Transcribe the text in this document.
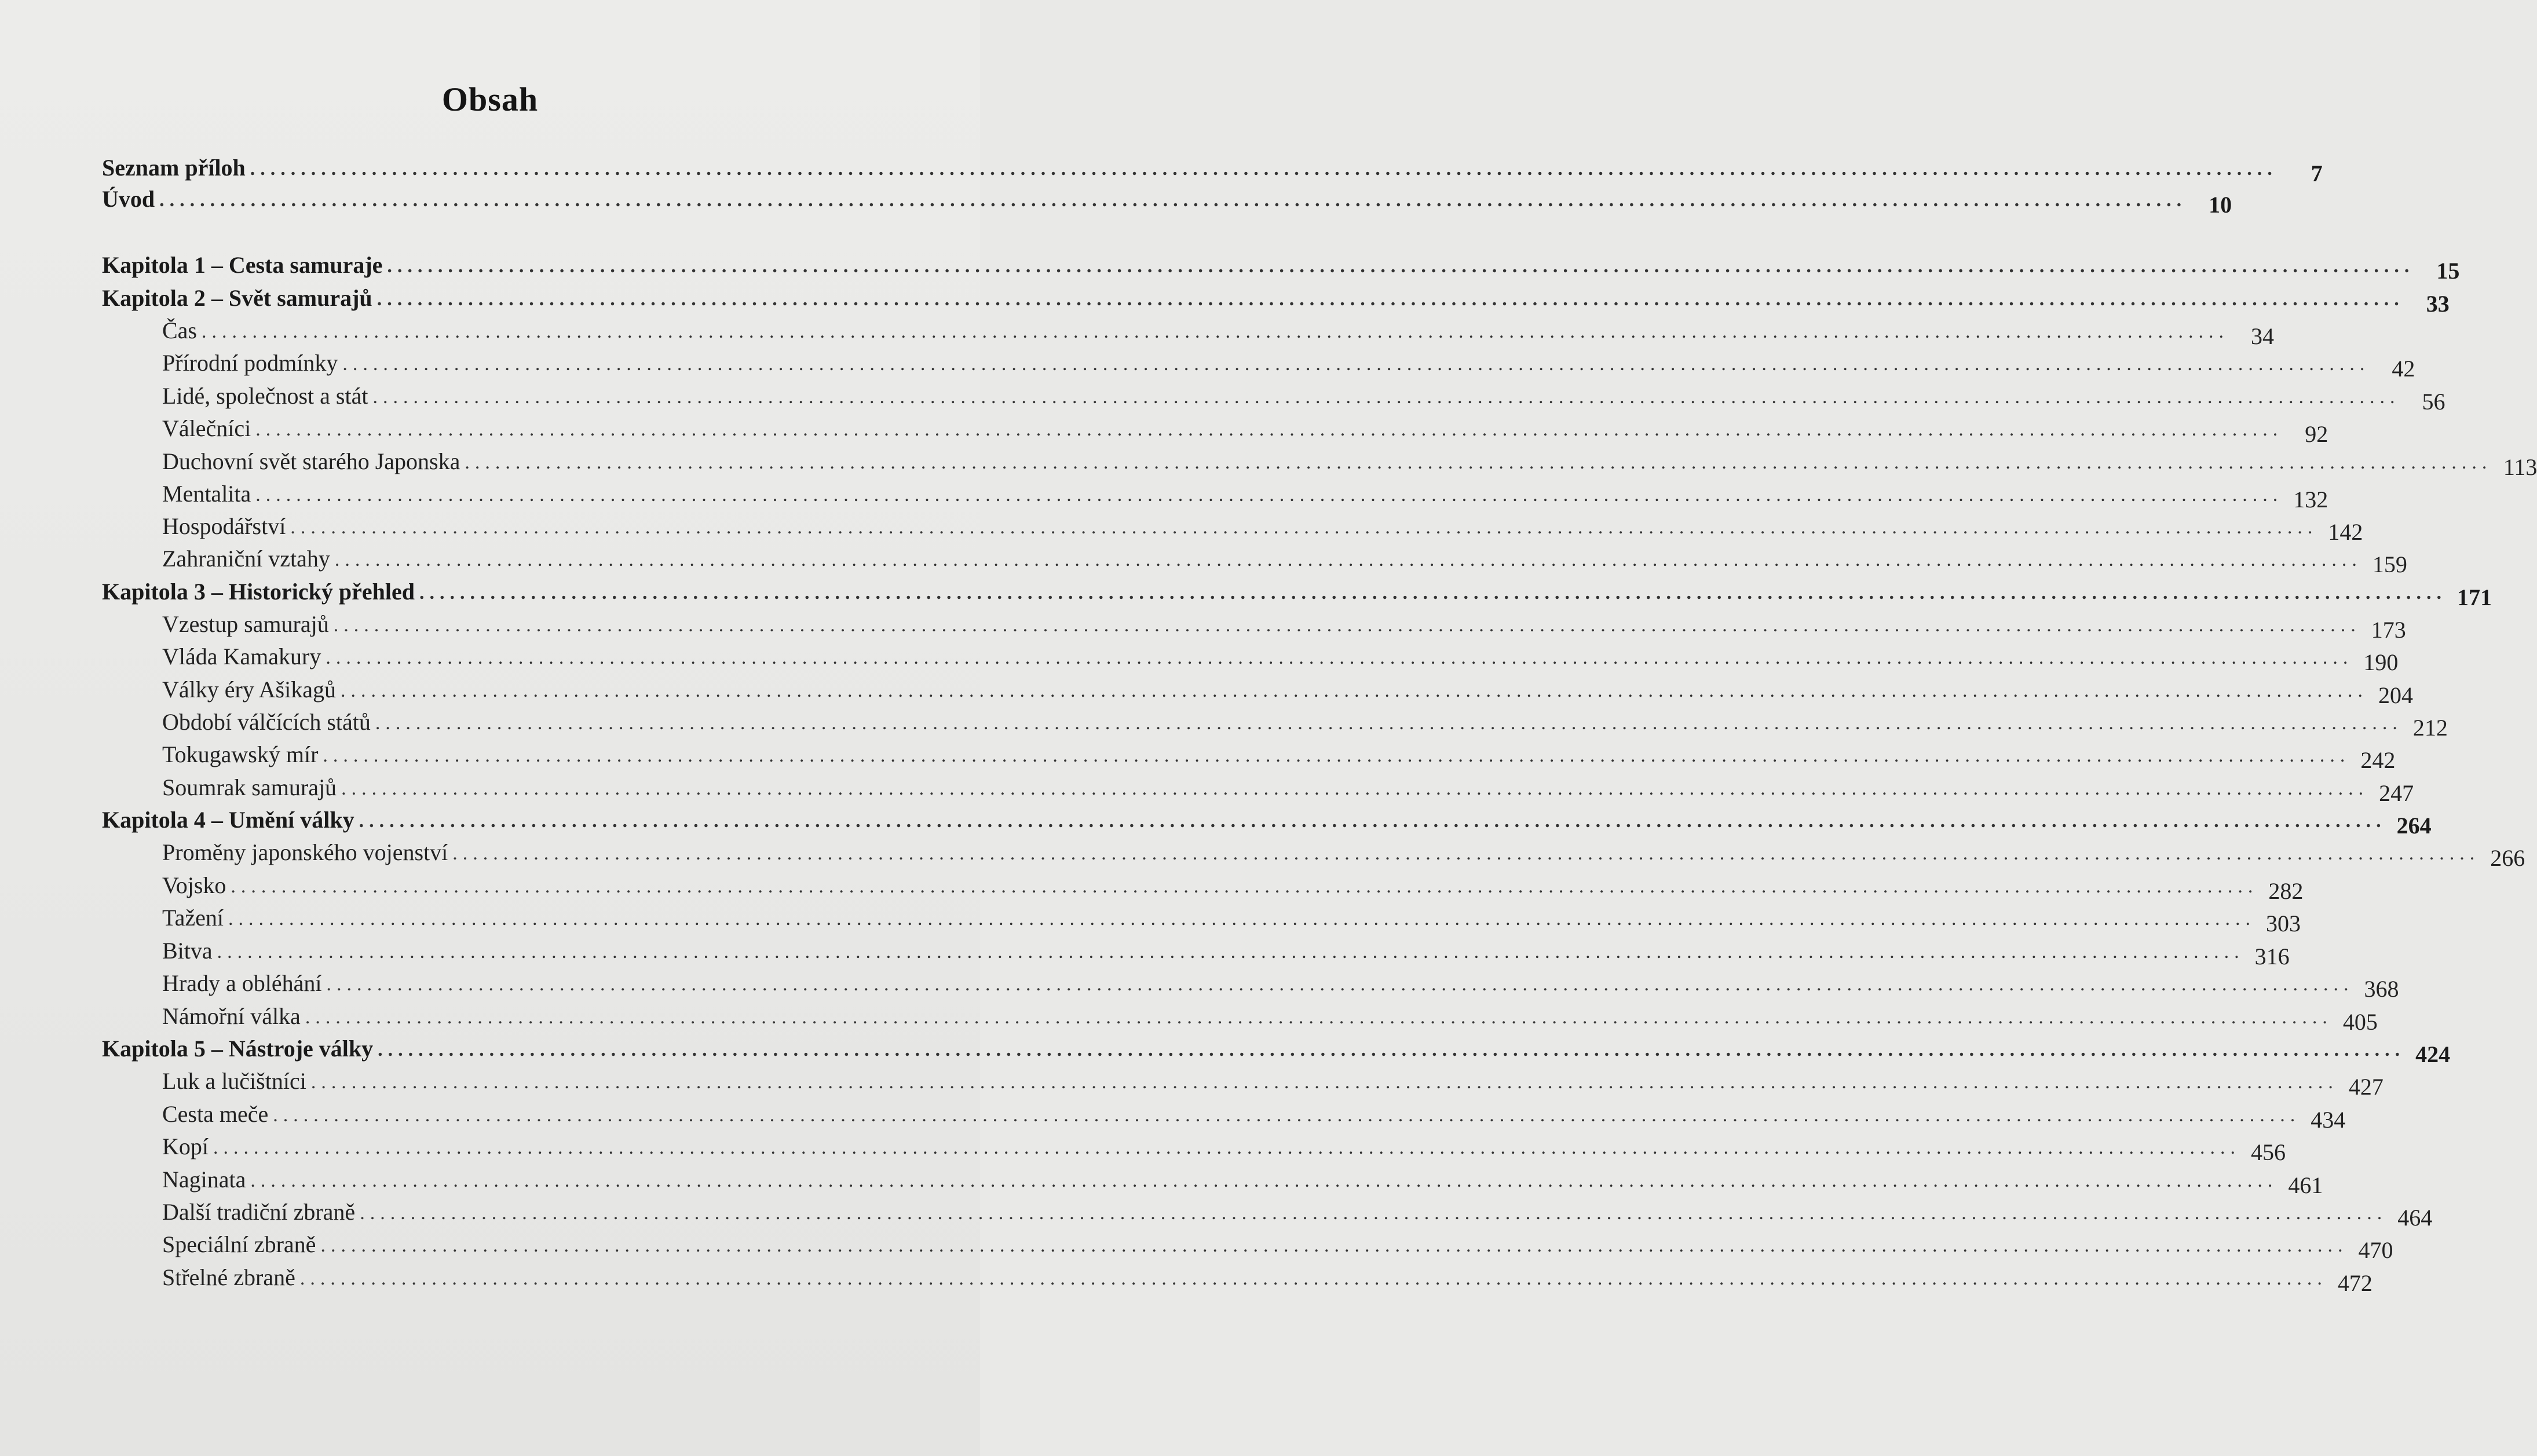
Obsah
Seznam příloh ........................................................................................................................................................................................................	7
Úvod ........................................................................................................................................................................................................ 10
Kapitola 1 – Cesta samuraje ........................................................................................................................................................................................................ 15
Kapitola 2 – Svět samurajů ........................................................................................................................................................................................................ 33
Čas ........................................................................................................................................................................................................ 34
Přírodní podmínky ........................................................................................................................................................................................................ 42
Lidé, společnost a stát ........................................................................................................................................................................................................ 56
Válečníci ........................................................................................................................................................................................................ 92
Duchovní svět starého Japonska ........................................................................................................................................................................................................ 113
Mentalita ........................................................................................................................................................................................................ 132
Hospodářství ........................................................................................................................................................................................................ 142
Zahraniční vztahy ........................................................................................................................................................................................................ 159
Kapitola 3 – Historický přehled ........................................................................................................................................................................................................ 171
Vzestup samurajů ........................................................................................................................................................................................................ 173
Vláda Kamakury ........................................................................................................................................................................................................ 190
Války éry Ašikagů ........................................................................................................................................................................................................ 204
Období válčících států ........................................................................................................................................................................................................ 212
Tokugawský mír ........................................................................................................................................................................................................ 242
Soumrak samurajů ........................................................................................................................................................................................................ 247
Kapitola 4 – Umění války ........................................................................................................................................................................................................ 264
Proměny japonského vojenství ........................................................................................................................................................................................................ 266
Vojsko ........................................................................................................................................................................................................ 282
Tažení ........................................................................................................................................................................................................ 303
Bitva ........................................................................................................................................................................................................ 316
Hrady a obléhání ........................................................................................................................................................................................................ 368
Námořní válka ........................................................................................................................................................................................................ 405
Kapitola 5 – Nástroje války ........................................................................................................................................................................................................ 424
Luk a lučištníci ........................................................................................................................................................................................................ 427
Cesta meče ........................................................................................................................................................................................................ 434
Kopí ........................................................................................................................................................................................................ 456
Naginata ........................................................................................................................................................................................................ 461
Další tradiční zbraně ........................................................................................................................................................................................................ 464
Speciální zbraně ........................................................................................................................................................................................................ 470
Střelné zbraně ........................................................................................................................................................................................................ 472
